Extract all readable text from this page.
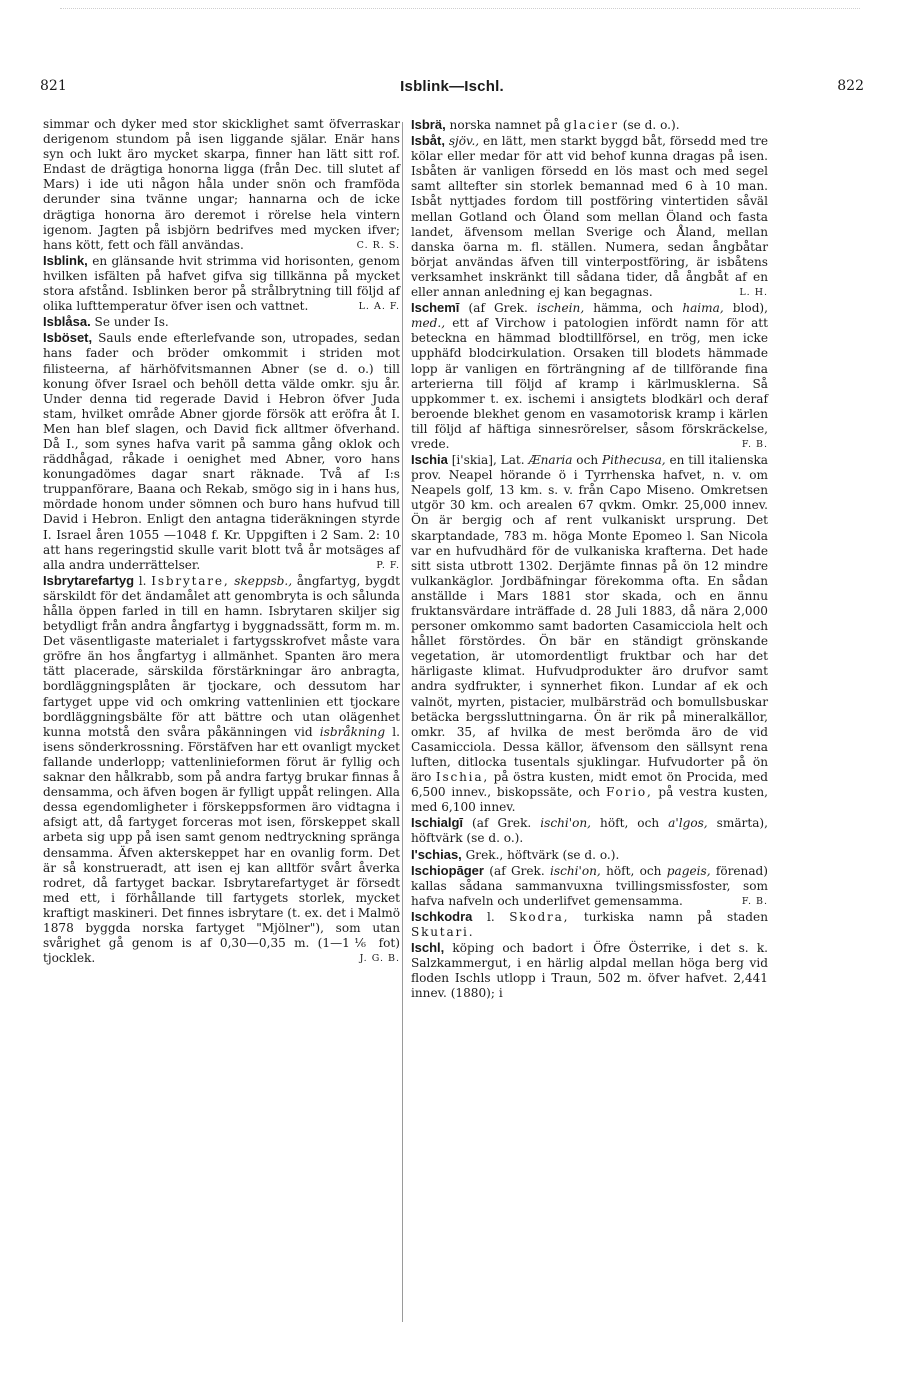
821	Isblink—Ischl.	822

simmar och dyker med stor skicklighet samt öfverraskar derigenom stundom på isen liggande själar. Enär hans syn och lukt äro mycket skarpa, finner han lätt sitt rof. Endast de drägtiga honorna ligga (från Dec. till slutet af Mars) i ide uti någon håla under snön och framföda derunder sina tvänne ungar; hannarna och de icke drägtiga honorna äro deremot i rörelse hela vintern igenom. Jagten på isbjörn bedrifves med mycken ifver; hans kött, fett och fäll användas.	C. R. S.

Isblink, en glänsande hvit strimma vid horisonten, genom hvilken isfälten på hafvet gifva sig tillkänna på mycket stora afstånd. Isblinken beror på strålbrytning till följd af olika lufttemperatur öfver isen och vattnet.	L. A. F.

Isblåsa. Se under Is.

Isböset, Sauls ende efterlefvande son, utropades, sedan hans fader och bröder omkommit i striden mot filisteerna, af härhöfvitsmannen Abner (se d. o.) till konung öfver Israel och behöll detta välde omkr. sju år. Under denna tid regerade David i Hebron öfver Juda stam, hvilket område Abner gjorde försök att eröfra åt I. Men han blef slagen, och David fick alltmer öfverhand. Då I., som synes hafva varit på samma gång oklok och räddhågad, råkade i oenighet med Abner, voro hans konungadömes dagar snart räknade. Två af I:s truppanförare, Baana och Rekab, smögo sig in i hans hus, mördade honom under sömnen och buro hans hufvud till David i Hebron. Enligt den antagna tideräkningen styrde I. Israel åren 1055 —1048 f. Kr. Uppgiften i 2 Sam. 2: 10 att hans regeringstid skulle varit blott två år motsäges af alla andra underrättelser.	P. F.

Isbrytarefartyg l. Isbrytare, skeppsb., ångfartyg, bygdt särskildt för det ändamålet att genombryta is och sålunda hålla öppen farled in till en hamn. Isbrytaren skiljer sig betydligt från andra ångfartyg i byggnadssätt, form m. m. Det väsentligaste materialet i fartygsskrofvet måste vara gröfre än hos ångfartyg i allmänhet. Spanten äro mera tätt placerade, särskilda förstärkningar äro anbragta, bordläggningsplåten är tjockare, och dessutom har fartyget uppe vid och omkring vattenlinien ett tjockare bordläggningsbälte för att bättre och utan olägenhet kunna motstå den svåra påkänningen vid isbråkning l. isens sönderkrossning. Förstäfven har ett ovanligt mycket fallande underlopp; vattenlinieformen förut är fyllig och saknar den hålkrabb, som på andra fartyg brukar finnas å densamma, och äfven bogen är fylligt uppåt relingen. Alla dessa egendomligheter i förskeppsformen äro vidtagna i afsigt att, då fartyget forceras mot isen, förskeppet skall arbeta sig upp på isen samt genom nedtryckning spränga densamma. Äfven akterskeppet har en ovanlig form. Det är så konstrueradt, att isen ej kan alltför svårt åverka rodret, då fartyget backar. Isbrytarefartyget är försedt med ett, i förhållande till fartygets storlek, mycket kraftigt maskineri. Det finnes isbrytare (t. ex. det i Malmö 1878 byggda norska fartyget "Mjölner"), som utan svårighet gå genom is af 0,30—0,35 m. (1—1⅙ fot) tjocklek.	J. G. B.

Isbrä, norska namnet på glacier (se d. o.).

Isbåt, sjöv., en lätt, men starkt byggd båt, försedd med tre kölar eller medar för att vid behof kunna dragas på isen. Isbåten är vanligen försedd en lös mast och med segel samt alltefter sin storlek bemannad med 6 à 10 man. Isbåt nyttjades fordom till postföring vintertiden såväl mellan Gotland och Öland som mellan Öland och fasta landet, äfvensom mellan Sverige och Åland, mellan danska öarna m. fl. ställen. Numera, sedan ångbåtar börjat användas äfven till vinterpostföring, är isbåtens verksamhet inskränkt till sådana tider, då ångbåt af en eller annan anledning ej kan begagnas.	L. H.

Ischemī (af Grek. ischein, hämma, och haima, blod), med., ett af Virchow i patologien infördt namn för att beteckna en hämmad blodtillförsel, en trög, men icke upphäfd blodcirkulation. Orsaken till blodets hämmade lopp är vanligen en förträngning af de tillförande fina arterierna till följd af kramp i kärlmusklerna. Så uppkommer t. ex. ischemi i ansigtets blodkärl och deraf beroende blekhet genom en vasamotorisk kramp i kärlen till följd af häftiga sinnesrörelser, såsom förskräckelse, vrede.	F. B.

Ischia [i'skia], Lat. Ænaria och Pithecusa, en till italienska prov. Neapel hörande ö i Tyrrhenska hafvet, n. v. om Neapels golf, 13 km. s. v. från Capo Miseno. Omkretsen utgör 30 km. och arealen 67 qvkm. Omkr. 25,000 innev. Ön är bergig och af rent vulkaniskt ursprung. Det skarptandade, 783 m. höga Monte Epomeo l. San Nicola var en hufvudhärd för de vulkaniska krafterna. Det hade sitt sista utbrott 1302. Derjämte finnas på ön 12 mindre vulkankäglor. Jordbäfningar förekomma ofta. En sådan anställde i Mars 1881 stor skada, och en ännu fruktansvärdare inträffade d. 28 Juli 1883, då nära 2,000 personer omkommo samt badorten Casamicciola helt och hållet förstördes. Ön bär en ständigt grönskande vegetation, är utomordentligt fruktbar och har det härligaste klimat. Hufvudprodukter äro drufvor samt andra sydfrukter, i synnerhet fikon. Lundar af ek och valnöt, myrten, pistacier, mulbärsträd och bomullsbuskar betäcka bergssluttningarna. Ön är rik på mineralkällor, omkr. 35, af hvilka de mest berömda äro de vid Casamicciola. Dessa källor, äfvensom den sällsynt rena luften, ditlocka tusentals sjuklingar. Hufvudorter på ön äro Ischia, på östra kusten, midt emot ön Procida, med 6,500 innev., biskopssäte, och Forio, på vestra kusten, med 6,100 innev.

Ischialgī (af Grek. ischi'on, höft, och a'lgos, smärta), höftvärk (se d. o.).

I'schias, Grek., höftvärk (se d. o.).

Ischiopāger (af Grek. ischi'on, höft, och pageis, förenad) kallas sådana sammanvuxna tvillingsmissfoster, som hafva nafveln och underlifvet gemensamma.	F. B.

Ischkodra l. Skodra, turkiska namn på staden Skutari.

Ischl, köping och badort i Öfre Österrike, i det s. k. Salzkammergut, i en härlig alpdal mellan höga berg vid floden Ischls utlopp i Traun, 502 m. öfver hafvet. 2,441 innev. (1880); i
